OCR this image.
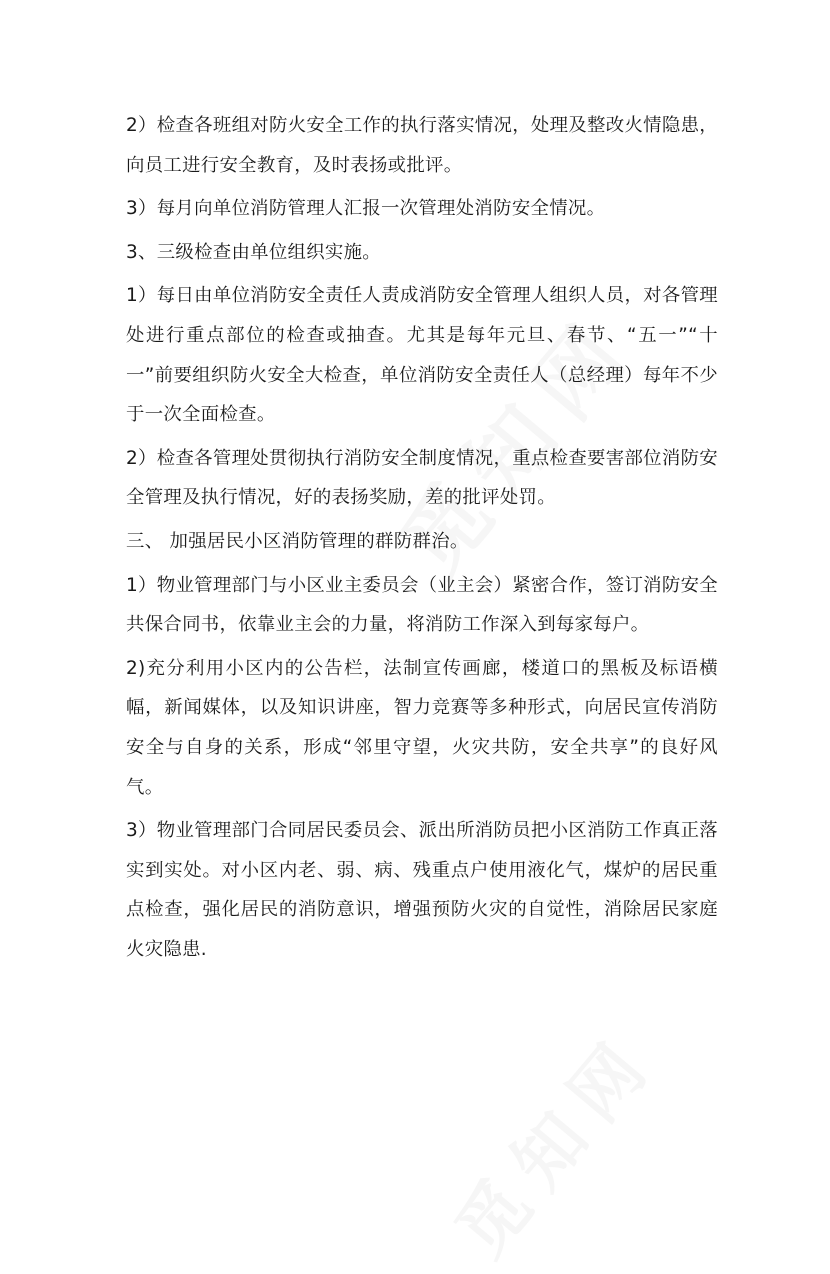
2）检查各班组对防火安全工作的执行落实情况，处理及整改火情隐患，向员工进行安全教育，及时表扬或批评。

3）每月向单位消防管理人汇报一次管理处消防安全情况。

3、三级检查由单位组织实施。

1）每日由单位消防安全责任人责成消防安全管理人组织人员，对各管理处进行重点部位的检查或抽查。尤其是每年元旦、春节、“五一”“十一”前要组织防火安全大检查，单位消防安全责任人（总经理）每年不少于一次全面检查。

2）检查各管理处贯彻执行消防安全制度情况，重点检查要害部位消防安全管理及执行情况，好的表扬奖励，差的批评处罚。

三、 加强居民小区消防管理的群防群治。

1）物业管理部门与小区业主委员会（业主会）紧密合作，签订消防安全共保合同书，依靠业主会的力量，将消防工作深入到每家每户。

2)充分利用小区内的公告栏，法制宣传画廊，楼道口的黑板及标语横幅，新闻媒体，以及知识讲座，智力竞赛等多种形式，向居民宣传消防安全与自身的关系，形成“邻里守望，火灾共防，安全共享”的良好风气。

3）物业管理部门合同居民委员会、派出所消防员把小区消防工作真正落实到实处。对小区内老、弱、病、残重点户使用液化气，煤炉的居民重点检查，强化居民的消防意识，增强预防火灾的自觉性，消除居民家庭火灾隐患.
